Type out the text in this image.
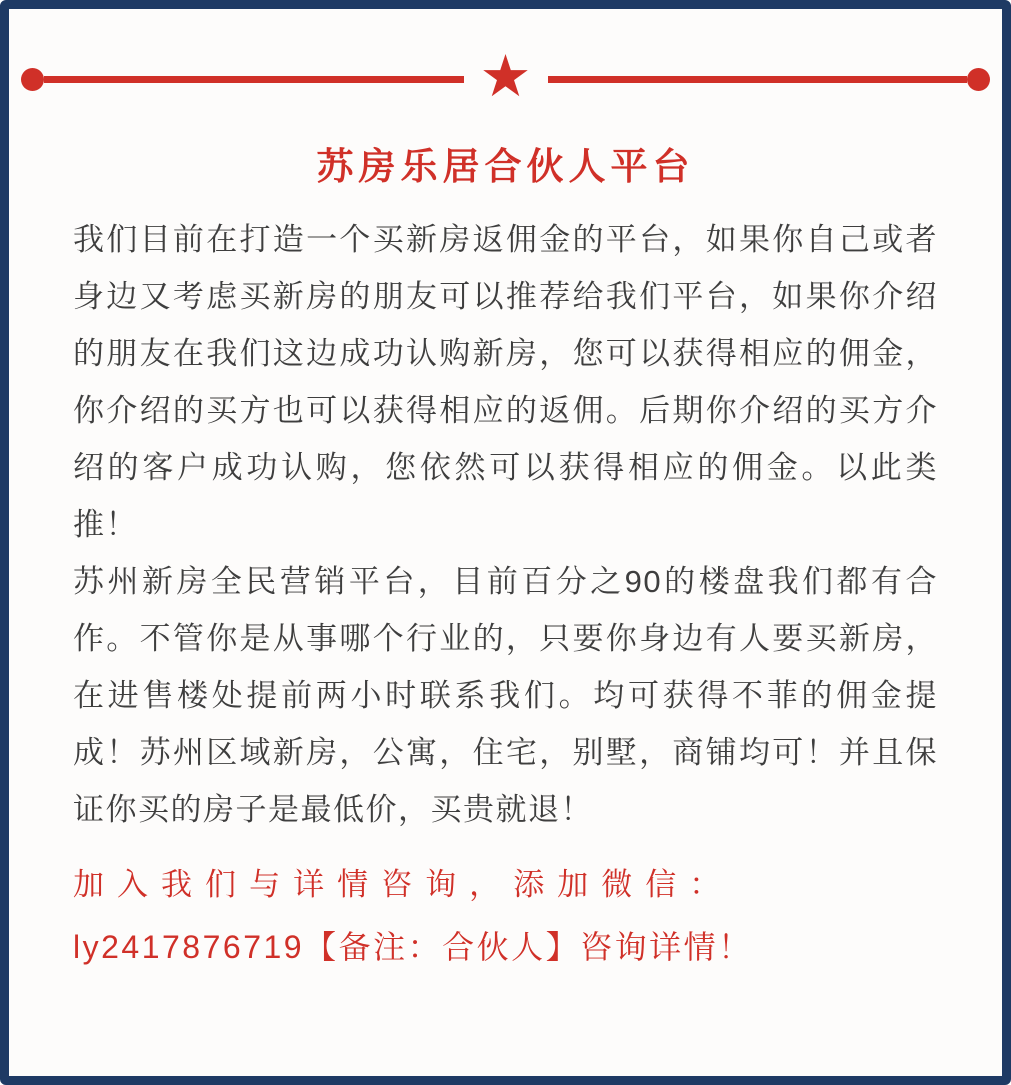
★
苏房乐居合伙人平台

我们目前在打造一个买新房返佣金的平台，如果你自己或者身边又考虑买新房的朋友可以推荐给我们平台，如果你介绍的朋友在我们这边成功认购新房，您可以获得相应的佣金，你介绍的买方也可以获得相应的返佣。后期你介绍的买方介绍的客户成功认购，您依然可以获得相应的佣金。以此类推！

苏州新房全民营销平台，目前百分之90的楼盘我们都有合作。不管你是从事哪个行业的，只要你身边有人要买新房，在进售楼处提前两小时联系我们。均可获得不菲的佣金提成！苏州区域新房，公寓，住宅，别墅，商铺均可！并且保证你买的房子是最低价，买贵就退！

加入我们与详情咨询，添加微信：
ly2417876719【备注：合伙人】咨询详情！
